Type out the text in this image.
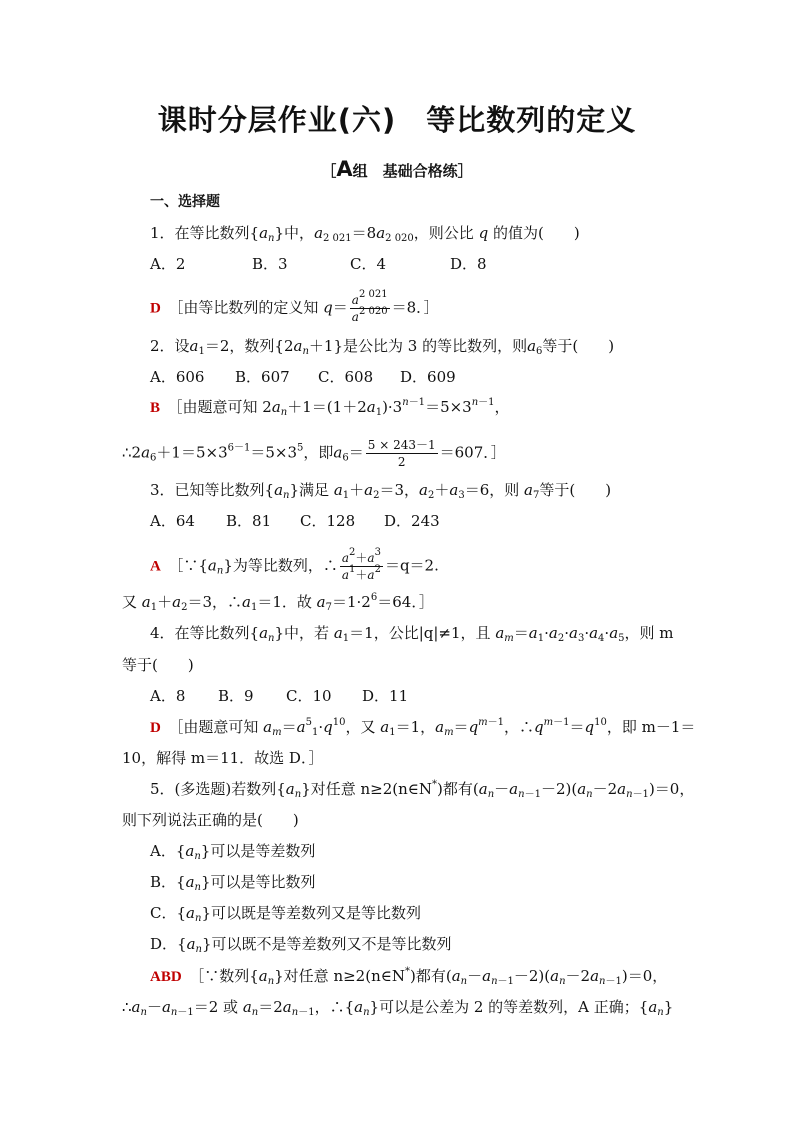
课时分层作业(六)　等比数列的定义
［A组　基础合格练］
一、选择题
1．在等比数列$\{a_n\}$中，$a_{2 021}=8a_{2 020}$，则公比 q 的值为(　　)
A．2	B．3	C．4	D．8
D　 ［由等比数列的定义知 $q= \frac{a^{2 021}}{a^{2 020}} =8$．］
2．设$a_1=2$，数列$\{2a_n+1\}$是公比为 3 的等比数列，则$a_6$等于(　　)
A．606 B．607 C．608 D．609
B　 ［由题意可知 $2a_n+1=(1+2a_1)\cdot 3^{n-1}=5\times 3^{n-1}$，
$\therefore 2a_6+1=5\times 3^{6-1}=5\times 3^5$，即$a_6= \frac{5 \times 243-1}{2} =607$．］
3．已知等比数列$\{a_n\}$满足 $a_1+a_2=3$，$a_2+a_3=6$，则 $a_7$等于(　　)
A．64 B．81 C．128 D．243
A　 $[\because\{a_n\}$为等比数列，∴ $\frac{a^2+a^3}{a^1+a^2} =q=2$.
又 $a_1+a_2=3$，$\therefore a_1=1$．故 $a_7=1\cdot 2^6=64$．］
4．在等比数列$\{a_n\}$中，若 $a_1=1$，公比|q|≠1，且 $a_m=a_1\cdot a_2\cdot a_3\cdot a_4\cdot a_5$，则 m
等于(　　)
A．8 B．9 C．10 D．11
D　 ［由题意可知 $a_m=a^5_1\cdot q^{10}$，又 $a_1=1$，$a_m=q^{m-1}$，$\therefore q^{m-1}=q^{10}$，即 m－1＝
10，解得 m＝11．故选 D．］
5．(多选题)若数列$\{a_n\}$对任意 n≥2(n∈N*)都有$(a_n-a_{n-1}-2)(a_n-2a_{n-1})=0$，
则下列说法正确的是(　　)
A．$\{a_n\}$可以是等差数列
B．$\{a_n\}$可以是等比数列
C．$\{a_n\}$可以既是等差数列又是等比数列
D．$\{a_n\}$可以既不是等差数列又不是等比数列
ABD　 ［∵数列$\{a_n\}$对任意 n≥2(n∈N*)都有$(a_n-a_{n-1}-2)(a_n-2a_{n-1})=0$，
$\therefore a_n-a_{n-1}=2$ 或 $a_n=2a_{n-1}$，$\therefore\{a_n\}$可以是公差为 2 的等差数列，A 正确；$\{a_n\}$
